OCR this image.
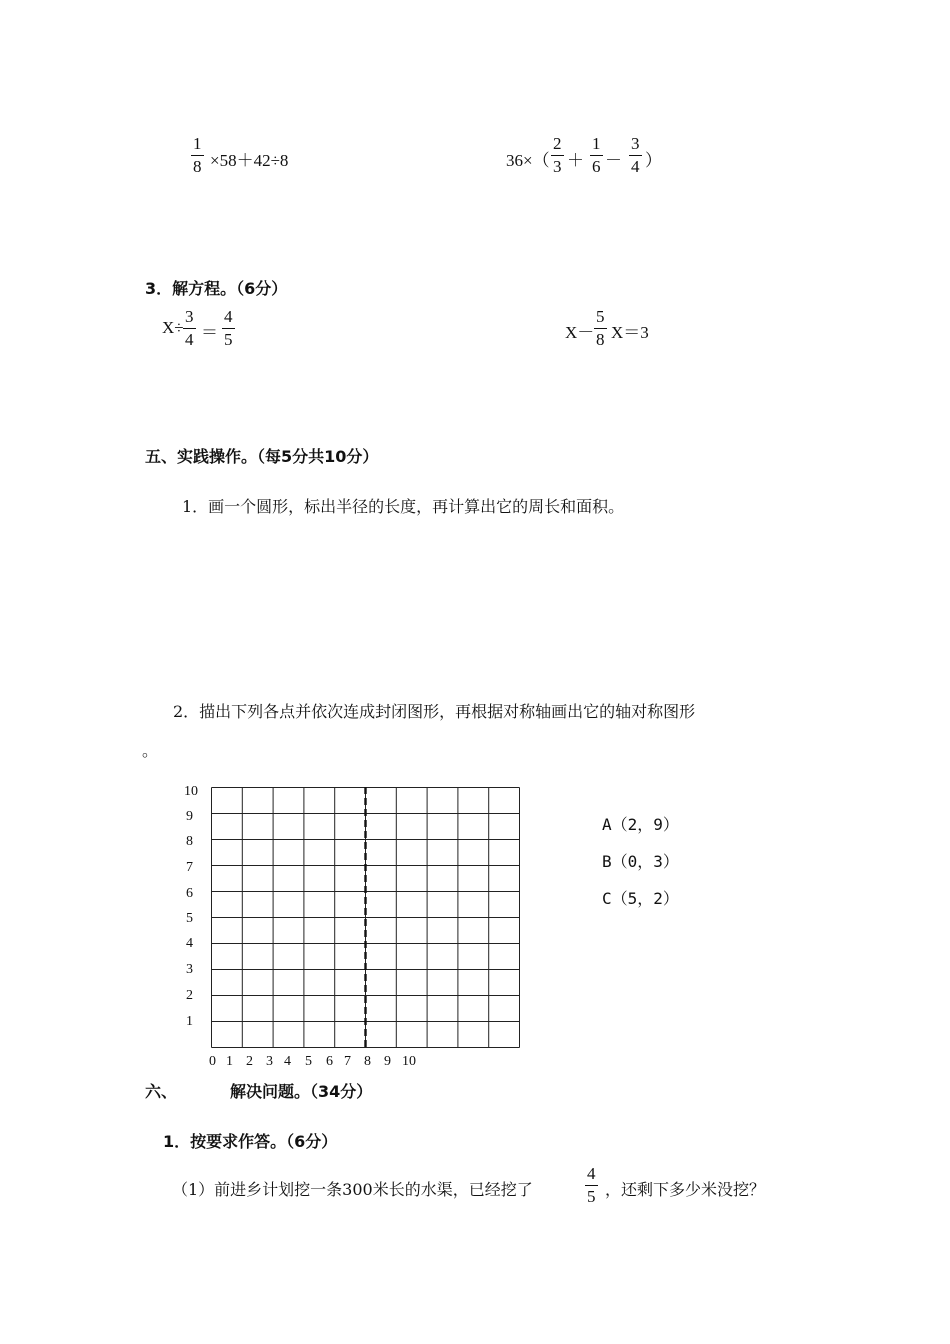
1
8 ×58＋42÷8	36×（
2
3 ＋
1
6 －
3
4 ）
3．解方程。（6分）
X÷
3
4 ＝
4
5	X－
5
8 X＝3
五、实践操作。（每5分共10分）
1．画一个圆形，标出半径的长度，再计算出它的周长和面积。
2．描出下列各点并依次连成封闭图形，再根据对称轴画出它的轴对称图形
。
10
9
8
7
6
5
4
3
2
1
0 1 2 3 4 5 6 7 8 9 10
A（2，9）
B（0，3）
C（5，2）
六、	解决问题。（34分）
1．按要求作答。（6分）
（1）前进乡计划挖一条300米长的水渠，已经挖了
4
5 ，还剩下多少米没挖？
